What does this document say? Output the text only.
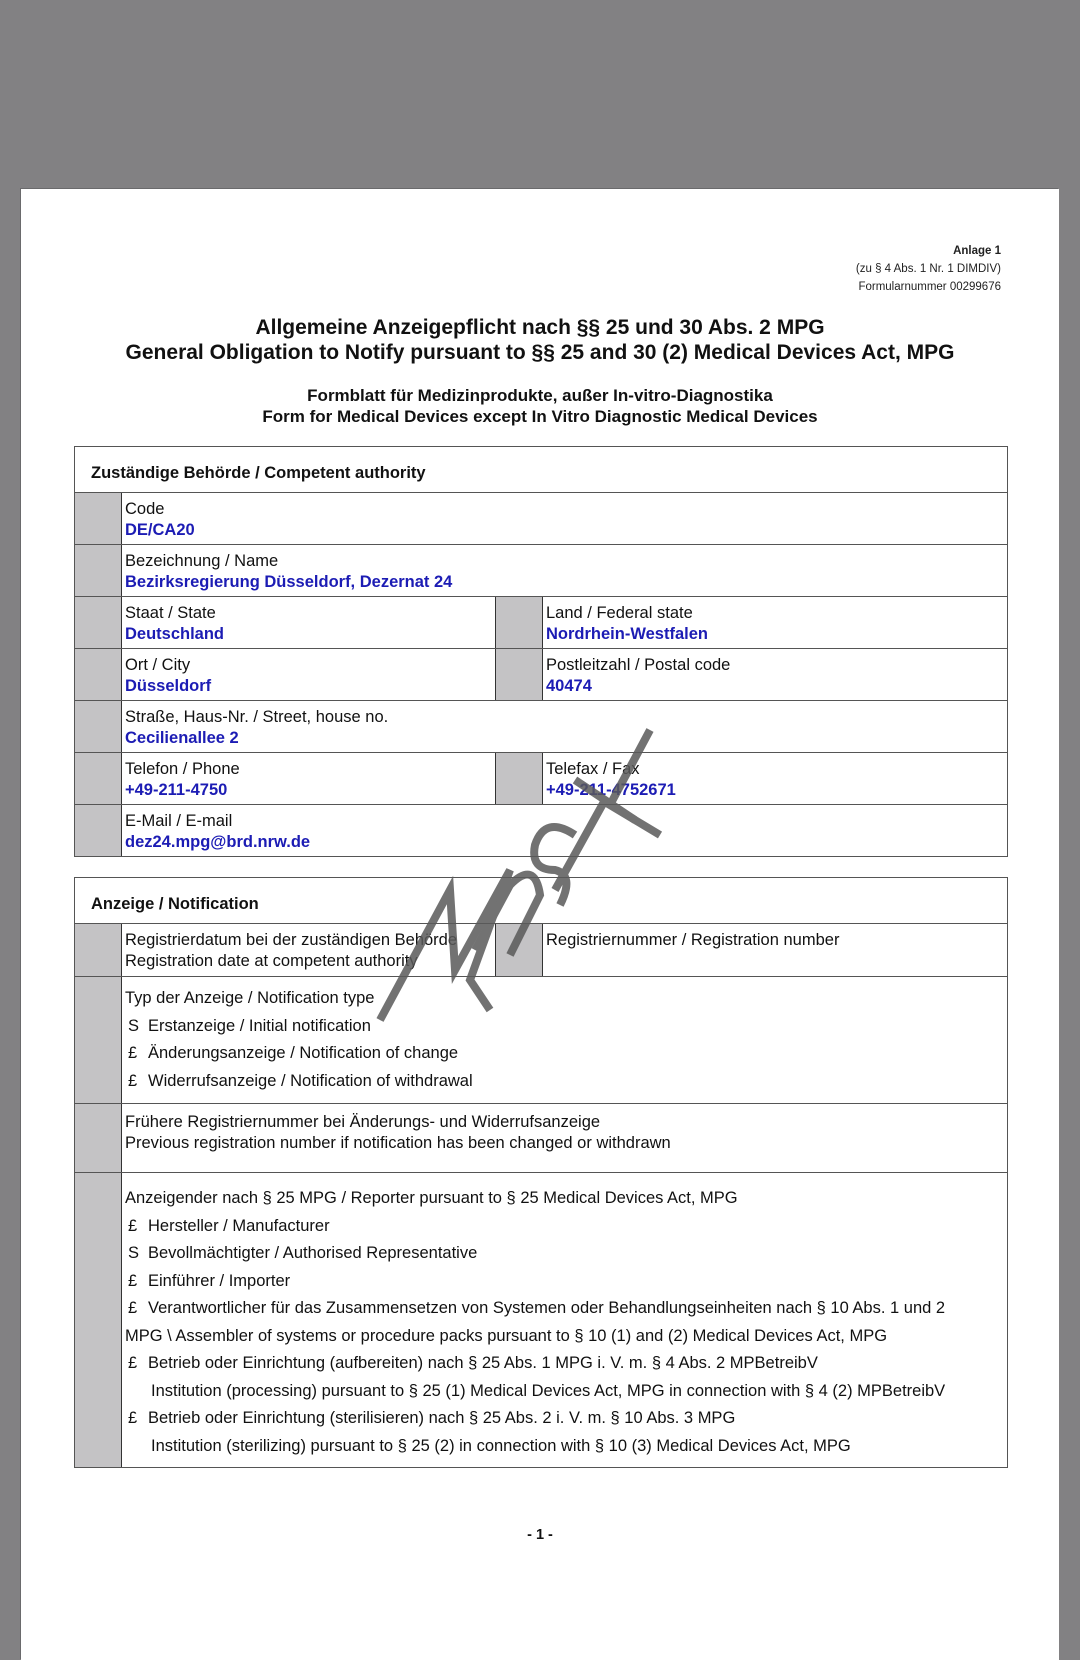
Anlage 1
(zu § 4 Abs. 1 Nr. 1 DIMDIV)
Formularnummer 00299676
Allgemeine Anzeigepflicht nach §§ 25 und 30 Abs. 2 MPG
General Obligation to Notify pursuant to §§ 25 and 30 (2) Medical Devices Act, MPG
Formblatt für Medizinprodukte, außer In-vitro-Diagnostika
Form for Medical Devices except In Vitro Diagnostic Medical Devices
Zuständige Behörde / Competent authority
Code
DE/CA20
Bezeichnung / Name
Bezirksregierung Düsseldorf, Dezernat 24
Staat / State
Deutschland
Land / Federal state
Nordrhein-Westfalen
Ort / City
Düsseldorf
Postleitzahl / Postal code
40474
Straße, Haus-Nr. / Street, house no.
Cecilienallee 2
Telefon / Phone
+49-211-4750
Telefax / Fax
+49-211-4752671
E-Mail / E-mail
dez24.mpg@brd.nrw.de
Anzeige / Notification
Registrierdatum bei der zuständigen Behörde
Registration date at competent authority
Registriernummer / Registration number
Typ der Anzeige / Notification type
S Erstanzeige / Initial notification
£ Änderungsanzeige / Notification of change
£ Widerrufsanzeige / Notification of withdrawal
Frühere Registriernummer bei Änderungs- und Widerrufsanzeige
Previous registration number if notification has been changed or withdrawn
Anzeigender nach § 25 MPG / Reporter pursuant to § 25 Medical Devices Act, MPG
£ Hersteller / Manufacturer
S Bevollmächtigter / Authorised Representative
£ Einführer / Importer
£ Verantwortlicher für das Zusammensetzen von Systemen oder Behandlungseinheiten nach § 10 Abs. 1 und 2
MPG \ Assembler of systems or procedure packs pursuant to § 10 (1) and (2) Medical Devices Act, MPG
£ Betrieb oder Einrichtung (aufbereiten) nach § 25 Abs. 1 MPG i. V. m. § 4 Abs. 2 MPBetreibV
Institution (processing) pursuant to § 25 (1) Medical Devices Act, MPG in connection with § 4 (2) MPBetreibV
£ Betrieb oder Einrichtung (sterilisieren) nach § 25 Abs. 2 i. V. m. § 10 Abs. 3 MPG
Institution (sterilizing) pursuant to § 25 (2) in connection with § 10 (3) Medical Devices Act, MPG
- 1 -
